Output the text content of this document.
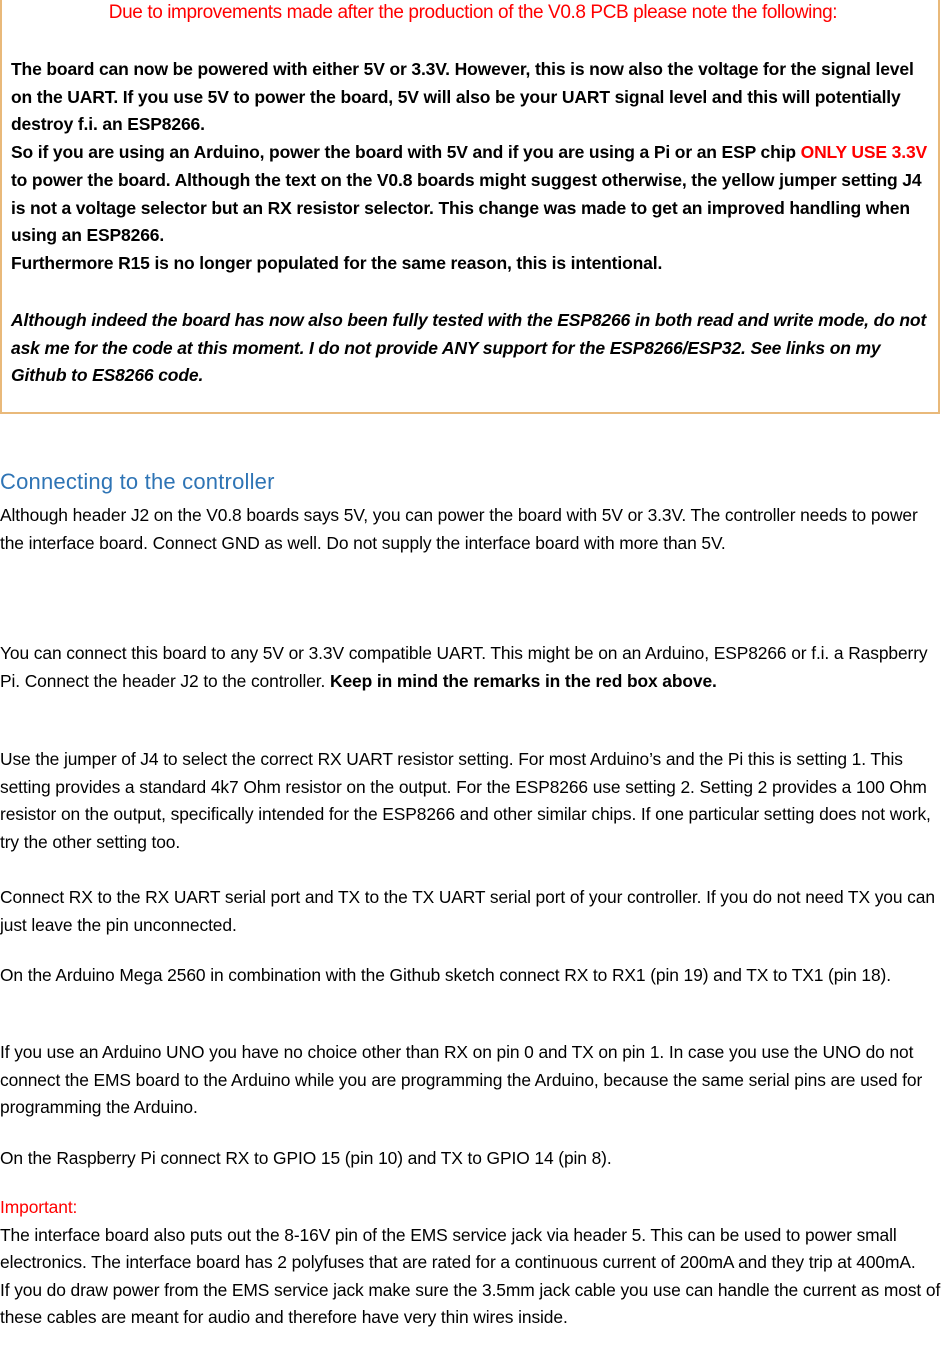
Due to improvements made after the production of the V0.8 PCB please note the following:

The board can now be powered with either 5V or 3.3V. However, this is now also the voltage for the signal level on the UART. If you use 5V to power the board, 5V will also be your UART signal level and this will potentially destroy f.i. an ESP8266.

So if you are using an Arduino, power the board with 5V and if you are using a Pi or an ESP chip ONLY USE 3.3V to power the board. Although the text on the V0.8 boards might suggest otherwise, the yellow jumper setting J4 is not a voltage selector but an RX resistor selector. This change was made to get an improved handling when using an ESP8266.

Furthermore R15 is no longer populated for the same reason, this is intentional.

Although indeed the board has now also been fully tested with the ESP8266 in both read and write mode, do not ask me for the code at this moment. I do not provide ANY support for the ESP8266/ESP32. See links on my Github to ES8266 code.

Connecting to the controller

Although header J2 on the V0.8 boards says 5V, you can power the board with 5V or 3.3V. The controller needs to power the interface board. Connect GND as well. Do not supply the interface board with more than 5V.

You can connect this board to any 5V or 3.3V compatible UART. This might be on an Arduino, ESP8266 or f.i. a Raspberry Pi. Connect the header J2 to the controller. Keep in mind the remarks in the red box above.

Use the jumper of J4 to select the correct RX UART resistor setting. For most Arduino’s and the Pi this is setting 1. This setting provides a standard 4k7 Ohm resistor on the output. For the ESP8266 use setting 2. Setting 2 provides a 100 Ohm resistor on the output, specifically intended for the ESP8266 and other similar chips. If one particular setting does not work, try the other setting too.

Connect RX to the RX UART serial port and TX to the TX UART serial port of your controller. If you do not need TX you can just leave the pin unconnected.

On the Arduino Mega 2560 in combination with the Github sketch connect RX to RX1 (pin 19) and TX to TX1 (pin 18).

If you use an Arduino UNO you have no choice other than RX on pin 0 and TX on pin 1. In case you use the UNO do not connect the EMS board to the Arduino while you are programming the Arduino, because the same serial pins are used for programming the Arduino.

On the Raspberry Pi connect RX to GPIO 15 (pin 10) and TX to GPIO 14 (pin 8).

Important:

The interface board also puts out the 8-16V pin of the EMS service jack via header 5. This can be used to power small electronics. The interface board has 2 polyfuses that are rated for a continuous current of 200mA and they trip at 400mA.

If you do draw power from the EMS service jack make sure the 3.5mm jack cable you use can handle the current as most of these cables are meant for audio and therefore have very thin wires inside.
